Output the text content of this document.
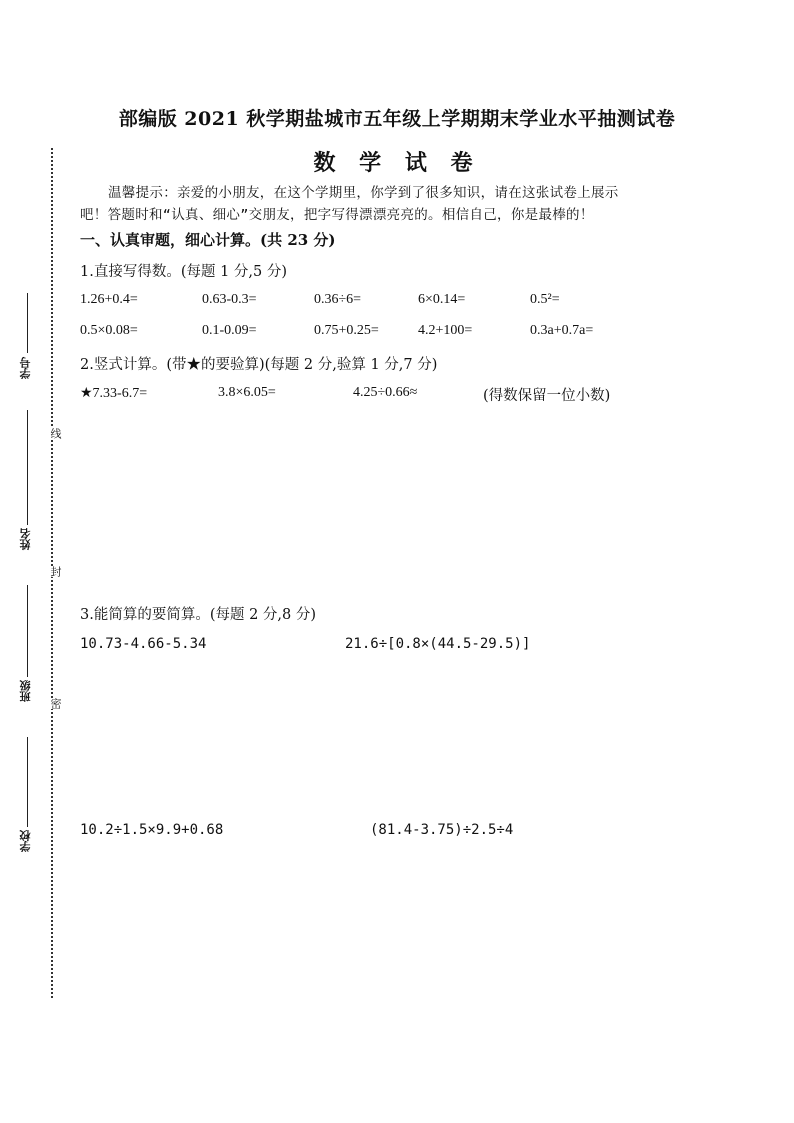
线
封
密
学号
姓名
班级
学校
部编版 2021 秋学期盐城市五年级上学期期末学业水平抽测试卷
数 学 试 卷
温馨提示：亲爱的小朋友，在这个学期里，你学到了很多知识，请在这张试卷上展示
吧！答题时和“认真、细心”交朋友，把字写得漂漂亮亮的。相信自己，你是最棒的！
一、认真审题，细心计算。(共 23 分)
1.直接写得数。(每题 1 分,5 分)
1.26+0.4=	0.63-0.3=	0.36÷6=	6×0.14=	0.5²=
0.5×0.08=	0.1-0.09=	0.75+0.25=	4.2+100=	0.3a+0.7a=
2.竖式计算。(带★的要验算)(每题 2 分,验算 1 分,7 分)
★7.33-6.7=	3.8×6.05=	4.25÷0.66≈	(得数保留一位小数)
3.能简算的要简算。(每题 2 分,8 分)
10.73-4.66-5.34	21.6÷[0.8×(44.5-29.5)]
10.2÷1.5×9.9+0.68	(81.4-3.75)÷2.5÷4
